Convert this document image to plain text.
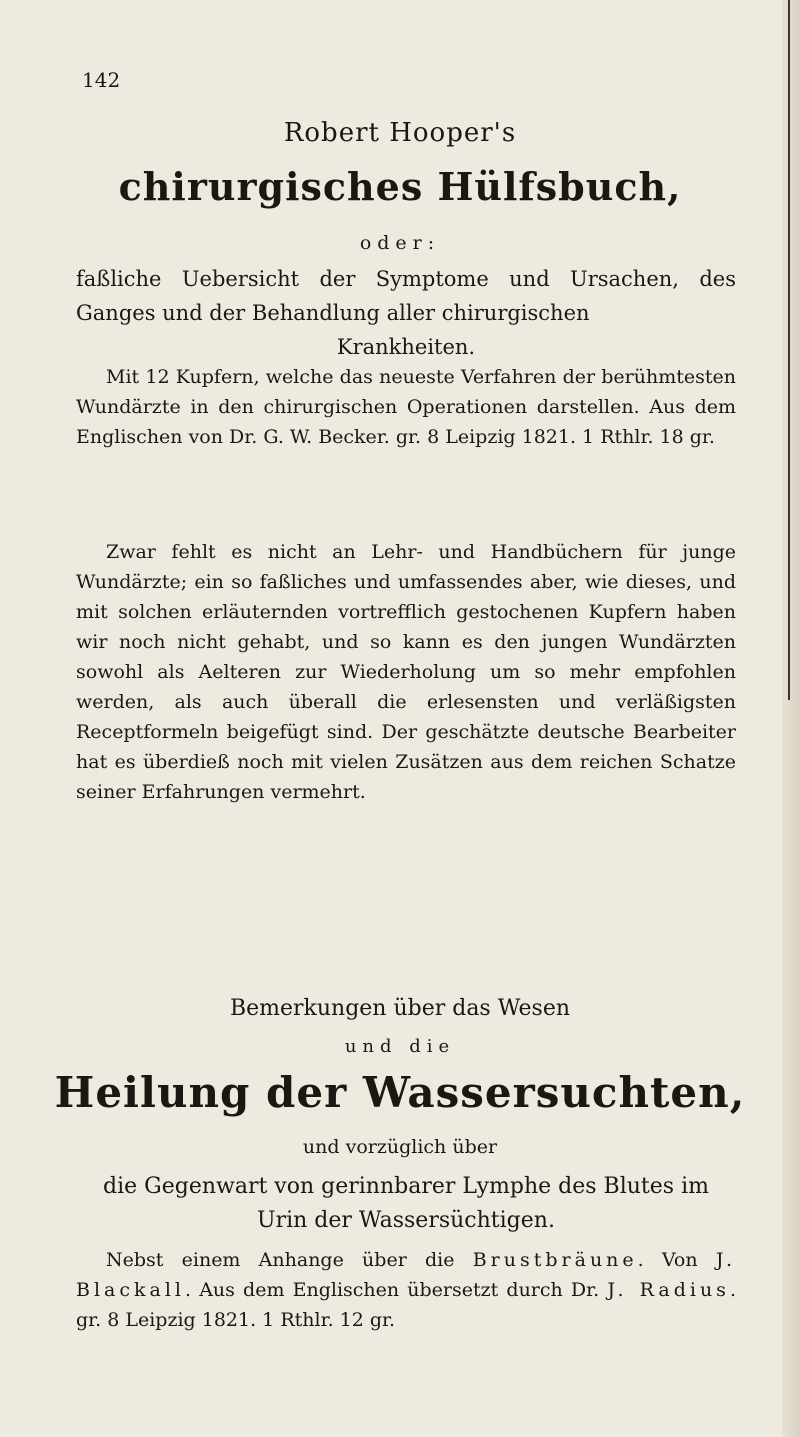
142
Robert Hooper's
chirurgisches Hülfsbuch,
oder:
faßliche Uebersicht der Symptome und Ursachen, des Ganges und der Behandlung aller chirurgischen
Krankheiten.
Mit 12 Kupfern, welche das neueste Verfahren der berühmtesten Wundärzte in den chirurgischen Operationen darstellen. Aus dem Englischen von Dr. G. W. Becker. gr. 8 Leipzig 1821. 1 Rthlr. 18 gr.
Zwar fehlt es nicht an Lehr- und Handbüchern für junge Wundärzte; ein so faßliches und umfassendes aber, wie dieses, und mit solchen erläuternden vortrefflich gestochenen Kupfern haben wir noch nicht gehabt, und so kann es den jungen Wundärzten sowohl als Aelteren zur Wiederholung um so mehr empfohlen werden, als auch überall die erlesensten und verläßigsten Receptformeln beigefügt sind. Der geschätzte deutsche Bearbeiter hat es überdieß noch mit vielen Zusätzen aus dem reichen Schatze seiner Erfahrungen vermehrt.
Bemerkungen über das Wesen
und die
Heilung der Wassersuchten,
und vorzüglich über
die Gegenwart von gerinnbarer Lymphe des Blutes im Urin der Wassersüchtigen.
Nebst einem Anhange über die Brustbräune. Von J. Blackall. Aus dem Englischen übersetzt durch Dr. J. Radius. gr. 8 Leipzig 1821. 1 Rthlr. 12 gr.
